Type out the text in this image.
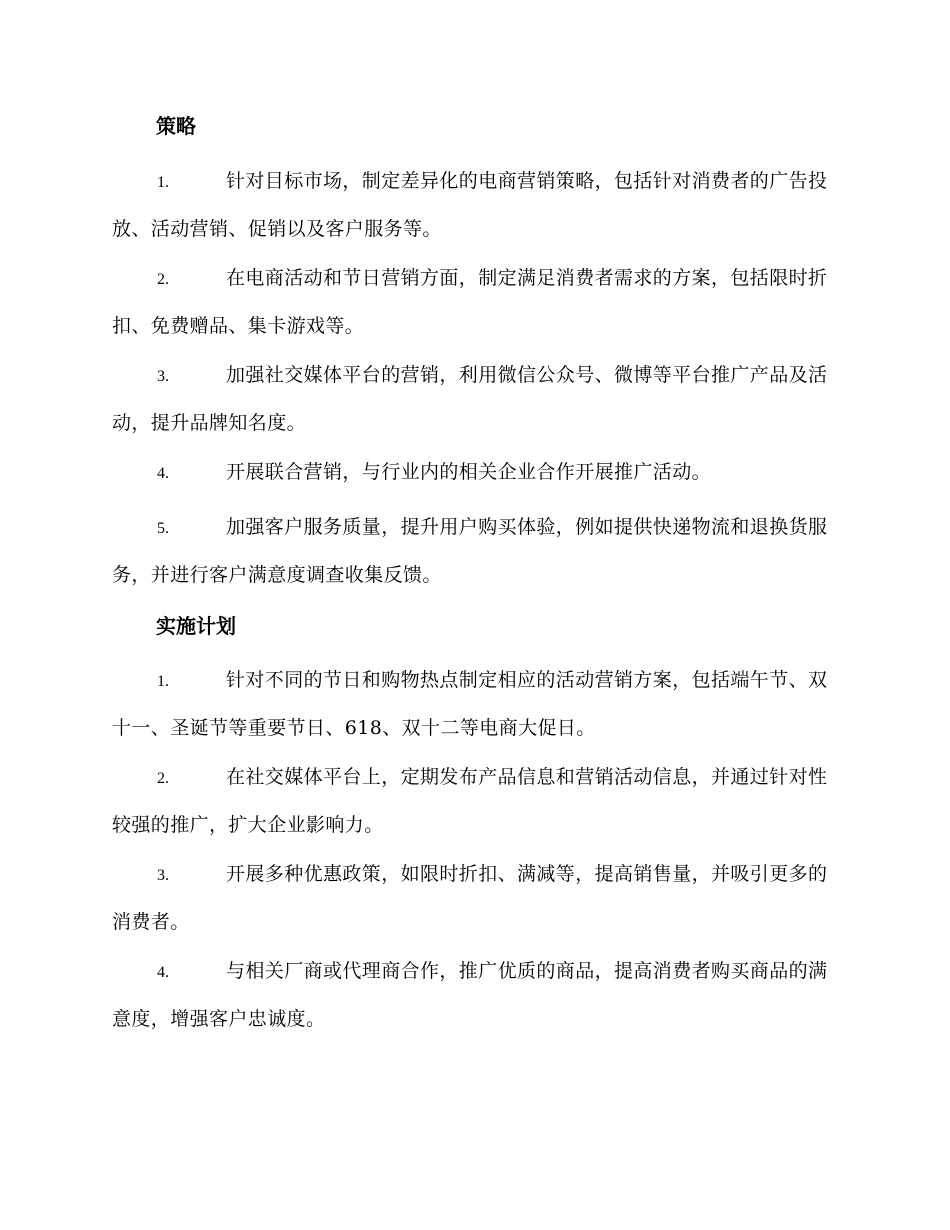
策略
1.	针对目标市场，制定差异化的电商营销策略，包括针对消费者的广告投放、活动营销、促销以及客户服务等。
2.	在电商活动和节日营销方面，制定满足消费者需求的方案，包括限时折扣、免费赠品、集卡游戏等。
3.	加强社交媒体平台的营销，利用微信公众号、微博等平台推广产品及活动，提升品牌知名度。
4.	开展联合营销，与行业内的相关企业合作开展推广活动。
5.	加强客户服务质量，提升用户购买体验，例如提供快递物流和退换货服务，并进行客户满意度调查收集反馈。
实施计划
1.	针对不同的节日和购物热点制定相应的活动营销方案，包括端午节、双十一、圣诞节等重要节日、618、双十二等电商大促日。
2.	在社交媒体平台上，定期发布产品信息和营销活动信息，并通过针对性较强的推广，扩大企业影响力。
3.	开展多种优惠政策，如限时折扣、满减等，提高销售量，并吸引更多的消费者。
4.	与相关厂商或代理商合作，推广优质的商品，提高消费者购买商品的满意度，增强客户忠诚度。
